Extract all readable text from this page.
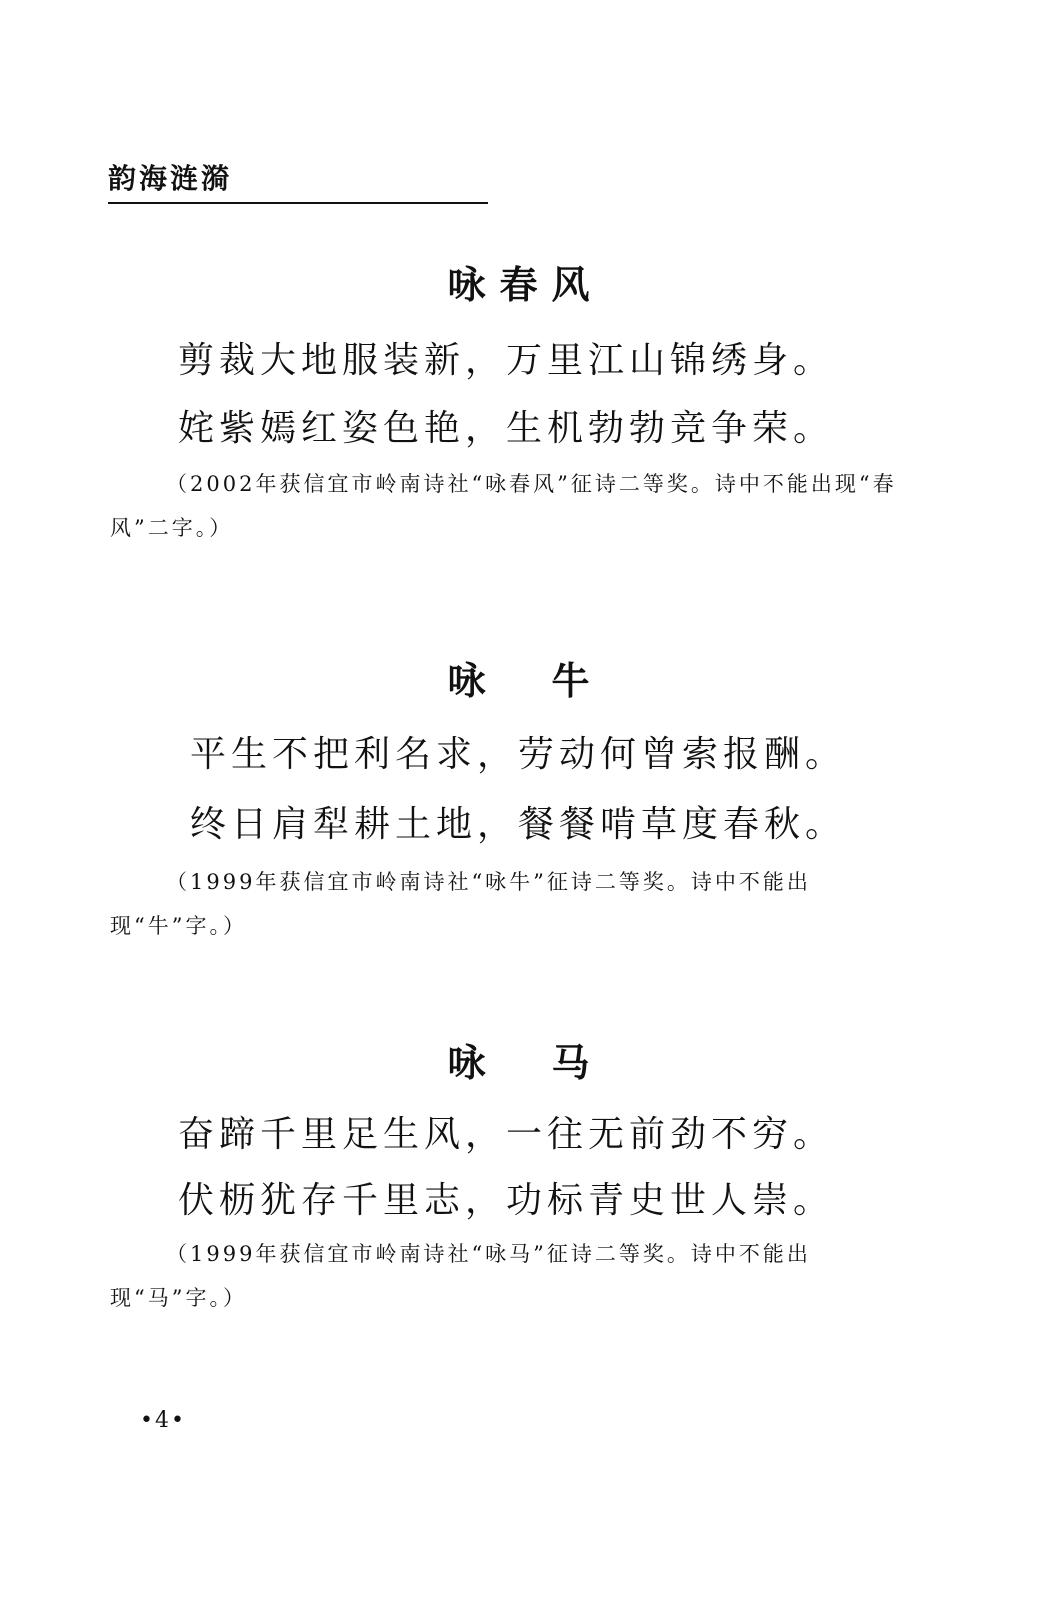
韵海涟漪
咏春风
剪裁大地服装新，万里江山锦绣身。
姹紫嫣红姿色艳，生机勃勃竞争荣。

（2002年获信宜市岭南诗社“咏春风”征诗二等奖。诗中不能出现“春风”二字。）

咏　牛
平生不把利名求，劳动何曾索报酬。
终日肩犁耕土地，餐餐啃草度春秋。

（1999年获信宜市岭南诗社“咏牛”征诗二等奖。诗中不能出现“牛”字。）

咏　马
奋蹄千里足生风，一往无前劲不穷。
伏枥犹存千里志，功标青史世人崇。

（1999年获信宜市岭南诗社“咏马”征诗二等奖。诗中不能出现“马”字。）

•4•
